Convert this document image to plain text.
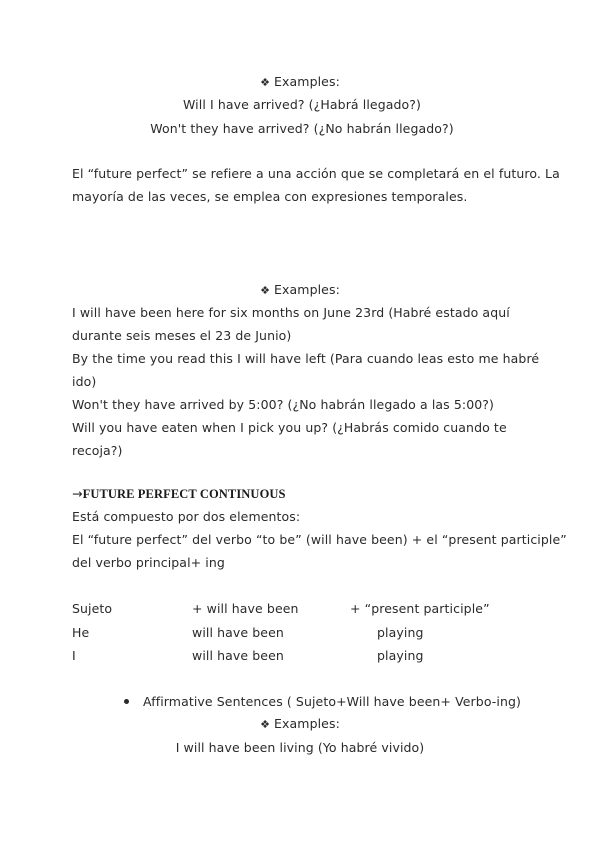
❖ Examples:
Will I have arrived? (¿Habrá llegado?)
Won't they have arrived? (¿No habrán llegado?)
El “future perfect” se refiere a una acción que se completará en el futuro. La
mayoría de las veces, se emplea con expresiones temporales.
❖ Examples:
I will have been here for six months on June 23rd (Habré estado aquí
durante seis meses el 23 de Junio)
By the time you read this I will have left (Para cuando leas esto me habré
ido)
Won't they have arrived by 5:00? (¿No habrán llegado a las 5:00?)
Will you have eaten when I pick you up? (¿Habrás comido cuando te
recoja?)
→FUTURE PERFECT CONTINUOUS
Está compuesto por dos elementos:
El “future perfect” del verbo “to be” (will have been) + el “present participle”
del verbo principal+ ing
Sujeto	+ will have been	+ “present participle”
He	will have been	playing
I	will have been	playing
Affirmative Sentences ( Sujeto+Will have been+ Verbo-ing)
❖ Examples:
I will have been living (Yo habré vivido)
